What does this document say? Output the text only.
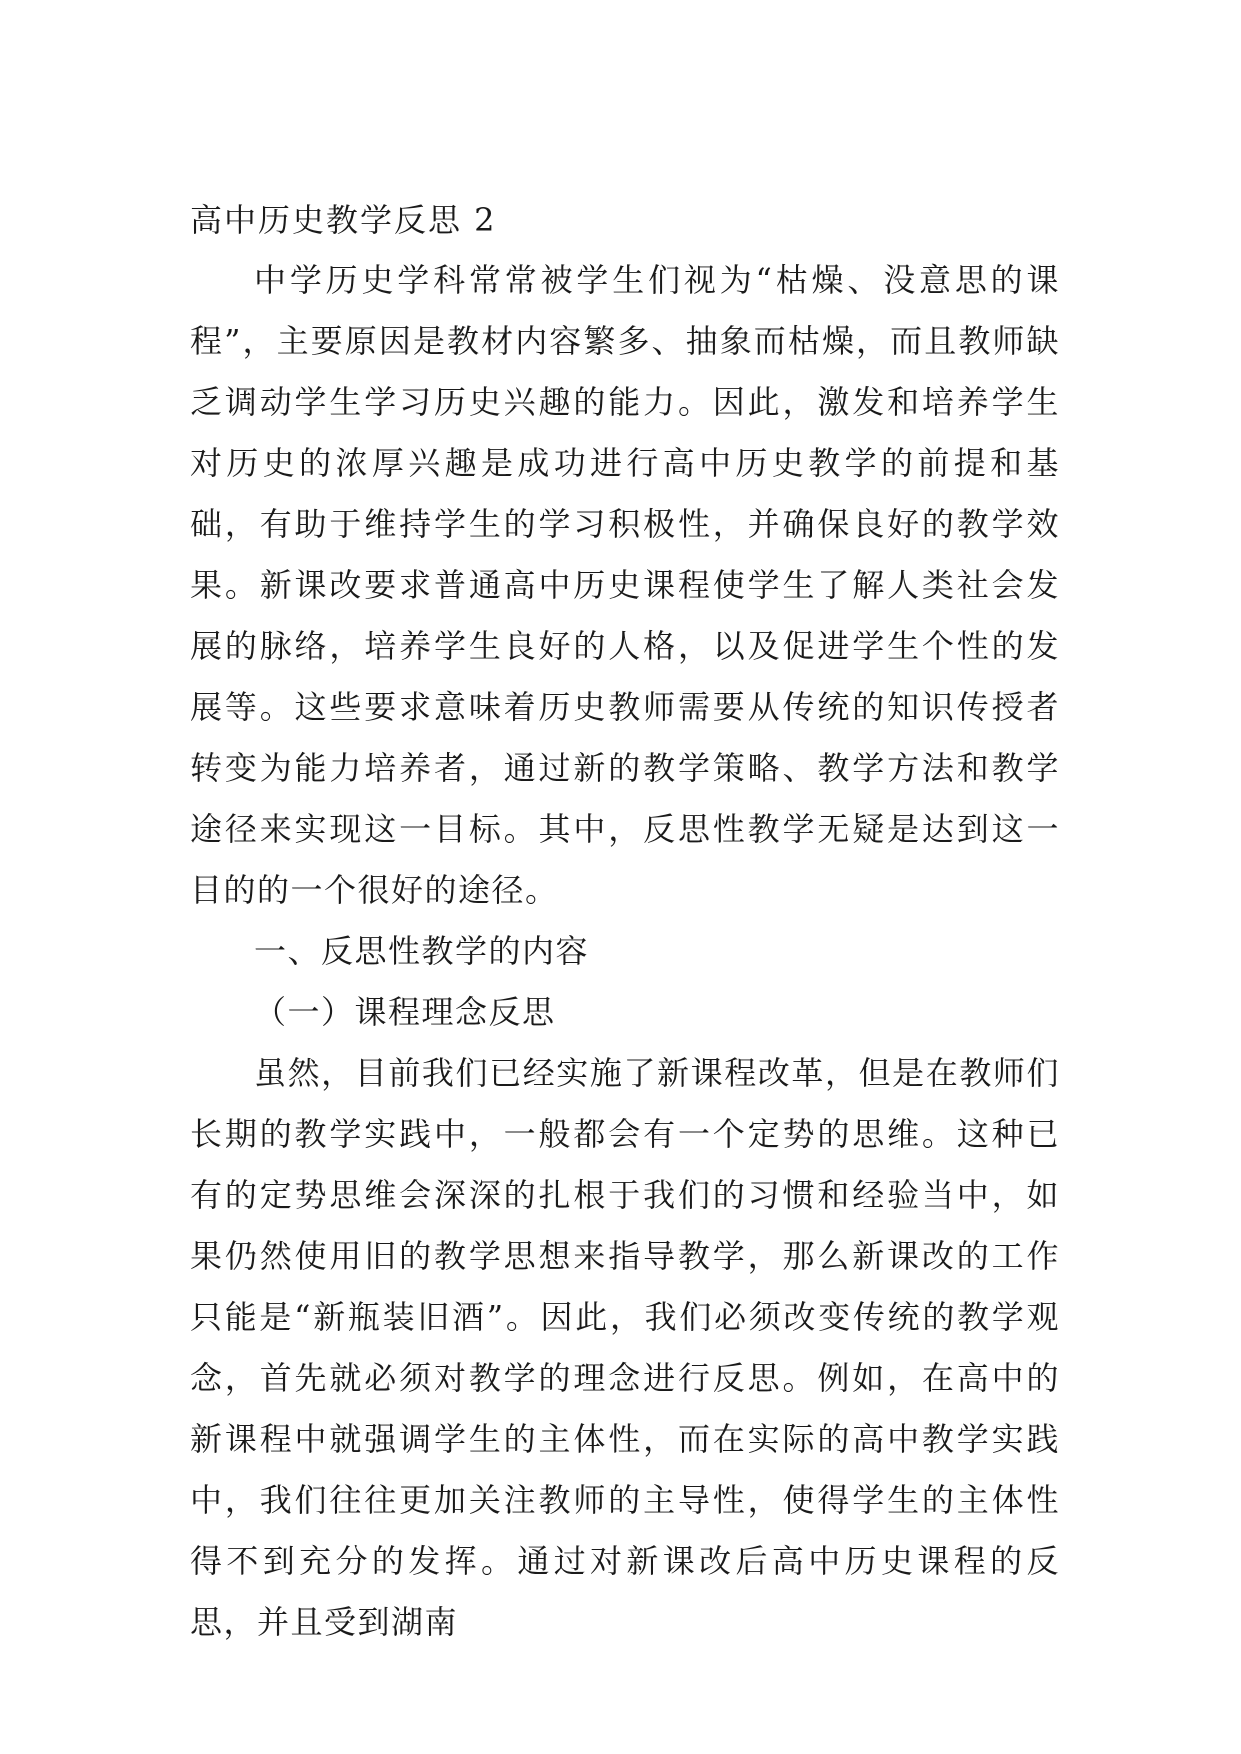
高中历史教学反思 2

中学历史学科常常被学生们视为“枯燥、没意思的课程”，主要原因是教材内容繁多、抽象而枯燥，而且教师缺乏调动学生学习历史兴趣的能力。因此，激发和培养学生对历史的浓厚兴趣是成功进行高中历史教学的前提和基础，有助于维持学生的学习积极性，并确保良好的教学效果。新课改要求普通高中历史课程使学生了解人类社会发展的脉络，培养学生良好的人格，以及促进学生个性的发展等。这些要求意味着历史教师需要从传统的知识传授者转变为能力培养者，通过新的教学策略、教学方法和教学途径来实现这一目标。其中，反思性教学无疑是达到这一目的的一个很好的途径。

一、反思性教学的内容
（一）课程理念反思

虽然，目前我们已经实施了新课程改革，但是在教师们长期的教学实践中，一般都会有一个定势的思维。这种已有的定势思维会深深的扎根于我们的习惯和经验当中，如果仍然使用旧的教学思想来指导教学，那么新课改的工作只能是“新瓶装旧酒”。因此，我们必须改变传统的教学观念，首先就必须对教学的理念进行反思。例如，在高中的新课程中就强调学生的主体性，而在实际的高中教学实践中，我们往往更加关注教师的主导性，使得学生的主体性得不到充分的发挥。通过对新课改后高中历史课程的反思，并且受到湖南
